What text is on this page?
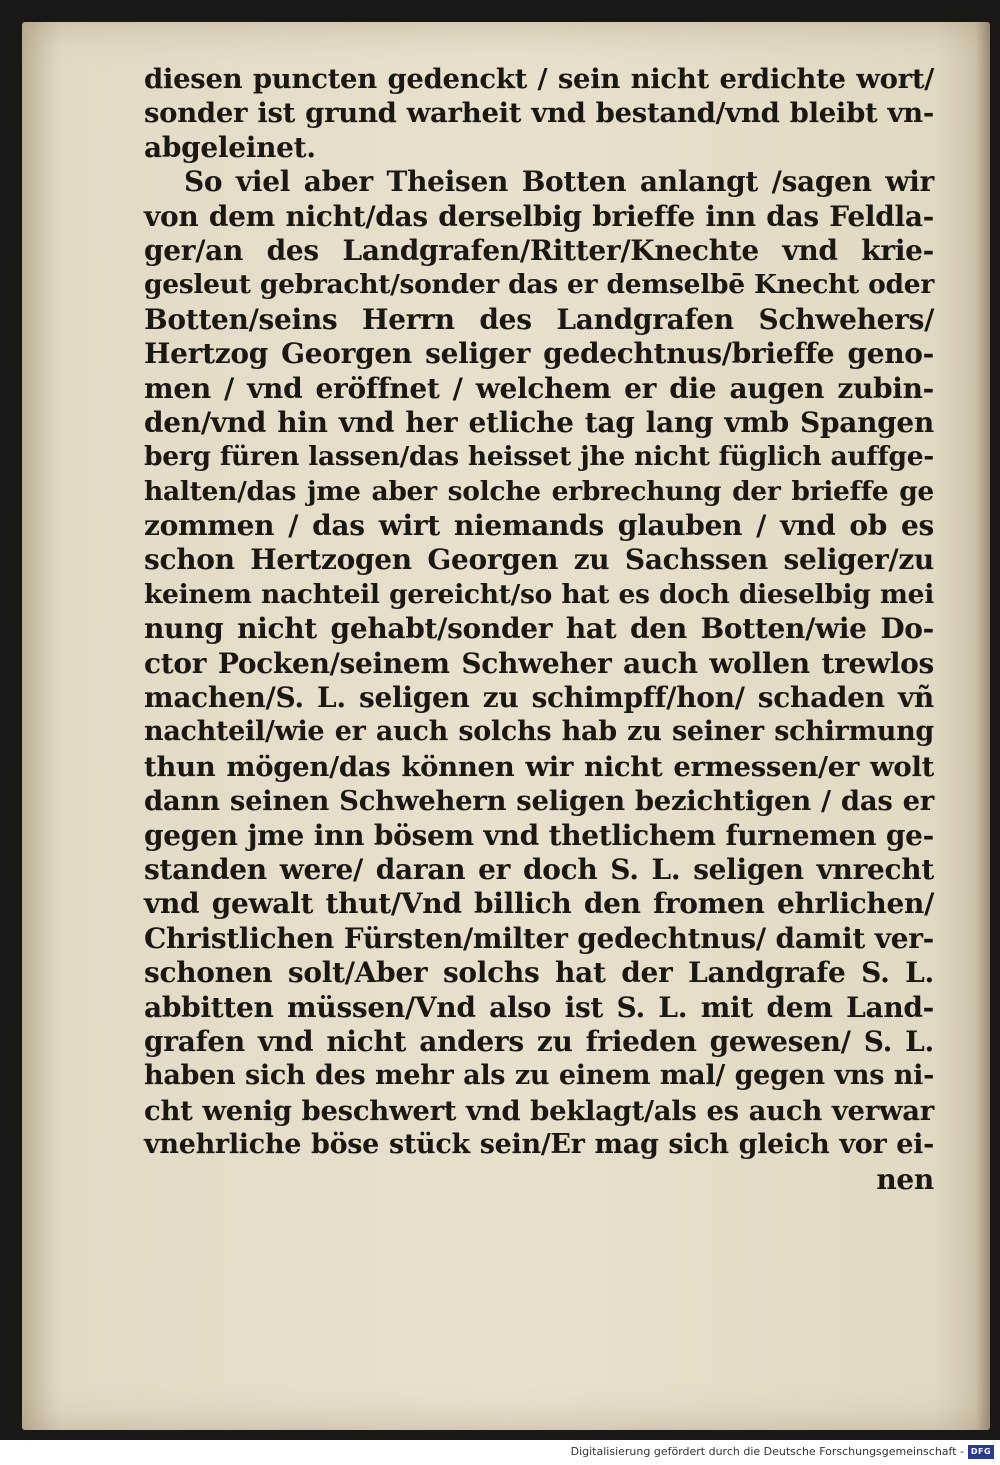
diesen puncten gedenckt / sein nicht erdichte wort/
sonder ist grund warheit vnd bestand/vnd bleibt vn-
abgeleinet.
So viel aber Theisen Botten anlangt /sagen wir
von dem nicht/das derselbig brieffe inn das Feldla-
ger/an des Landgrafen/Ritter/Knechte vnd krie-
gesleut gebracht/sonder das er demselbē Knecht oder
Botten/seins Herrn des Landgrafen Schwehers/
Hertzog Georgen seliger gedechtnus/brieffe geno-
men / vnd eröffnet / welchem er die augen zubin-
den/vnd hin vnd her etliche tag lang vmb Spangen
berg füren lassen/das heisset jhe nicht füglich auffge-
halten/das jme aber solche erbrechung der brieffe ge
zommen / das wirt niemands glauben / vnd ob es
schon Hertzogen Georgen zu Sachssen seliger/zu
keinem nachteil gereicht/so hat es doch dieselbig mei
nung nicht gehabt/sonder hat den Botten/wie Do-
ctor Pocken/seinem Schweher auch wollen trewlos
machen/S. L. seligen zu schimpff/hon/ schaden vñ
nachteil/wie er auch solchs hab zu seiner schirmung
thun mögen/das können wir nicht ermessen/er wolt
dann seinen Schwehern seligen bezichtigen / das er
gegen jme inn bösem vnd thetlichem furnemen ge-
standen were/ daran er doch S. L. seligen vnrecht
vnd gewalt thut/Vnd billich den fromen ehrlichen/
Christlichen Fürsten/milter gedechtnus/ damit ver-
schonen solt/Aber solchs hat der Landgrafe S. L.
abbitten müssen/Vnd also ist S. L. mit dem Land-
grafen vnd nicht anders zu frieden gewesen/ S. L.
haben sich des mehr als zu einem mal/ gegen vns ni-
cht wenig beschwert vnd beklagt/als es auch verwar
vnehrliche böse stück sein/Er mag sich gleich vor ei-
nen
Digitalisierung gefördert durch die Deutsche Forschungsgemeinschaft - DFG
